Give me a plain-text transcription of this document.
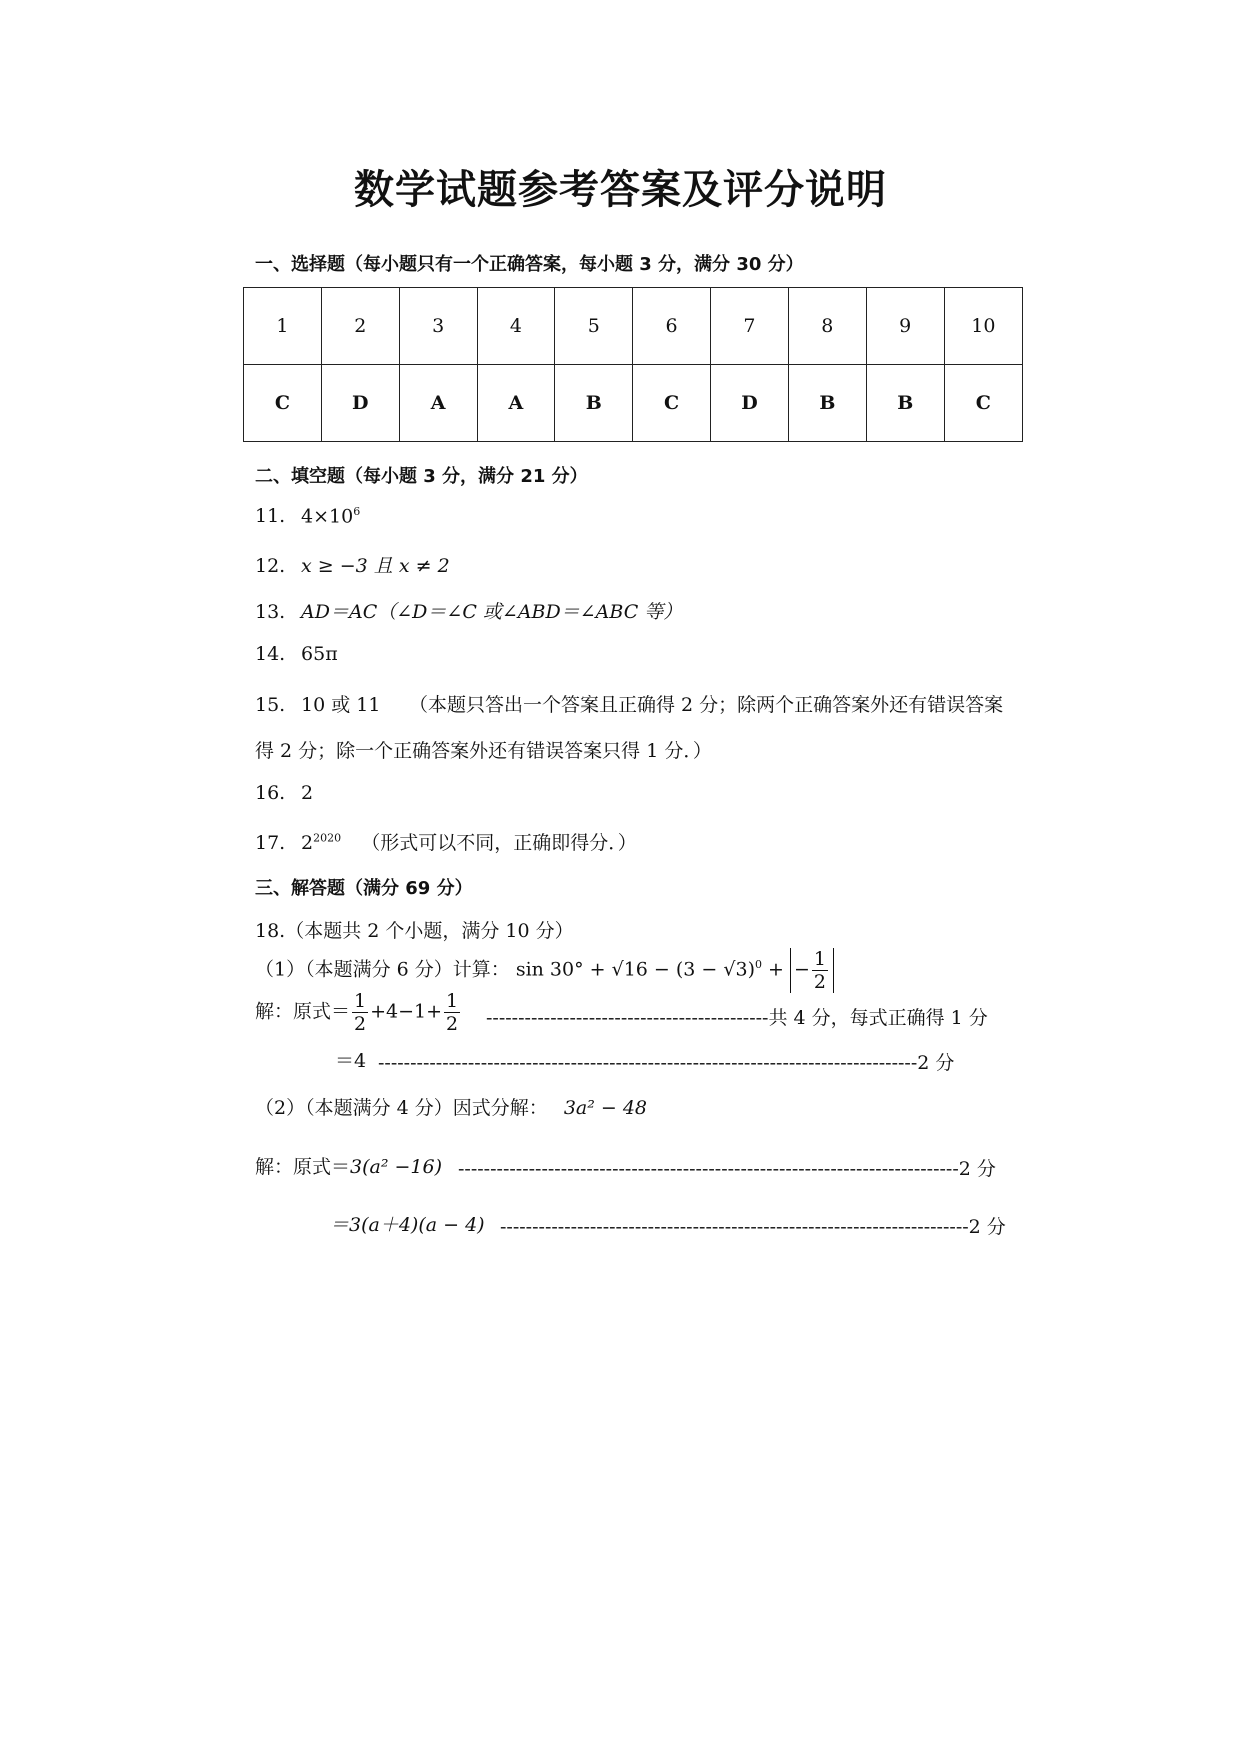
数学试题参考答案及评分说明
一、选择题（每小题只有一个正确答案，每小题 3 分，满分 30 分）
1	2	3	4	5	6	7	8	9	10
C	D	A	A	B	C	D	B	B	C
二、填空题（每小题 3 分，满分 21 分）
11. $4\times 10^6$
12. x ≥ −3 且 x ≠ 2
13. AD＝AC（∠D＝∠C 或∠ABD＝∠ABC 等）
14. 65π
15. 10 或 11　　（本题只答出一个答案且正确得 2 分；除两个正确答案外还有错误答案
得 2 分；除一个正确答案外还有错误答案只得 1 分．）
16. 2
17. $2^{2020}$ （形式可以不同，正确即得分．）
三、解答题（满分 69 分）
18.（本题共 2 个小题，满分 10 分）
（1）（本题满分 6 分）计算： $\sin 30^\circ + √16 - (3 - √3)^0$ + − $\frac{1}{2}$
解：原式＝ $\frac{1}{2} +4-1+ \frac{1}{2}$ --------------------------------------------共 4 分，每式正确得 1 分
＝4 ------------------------------------------------------------------------------------2 分
（2）（本题满分 4 分）因式分解： 3a² − 48
解：原式＝3(a² −16) ------------------------------------------------------------------------------2 分
＝3(a＋4)(a − 4) -------------------------------------------------------------------------2 分
